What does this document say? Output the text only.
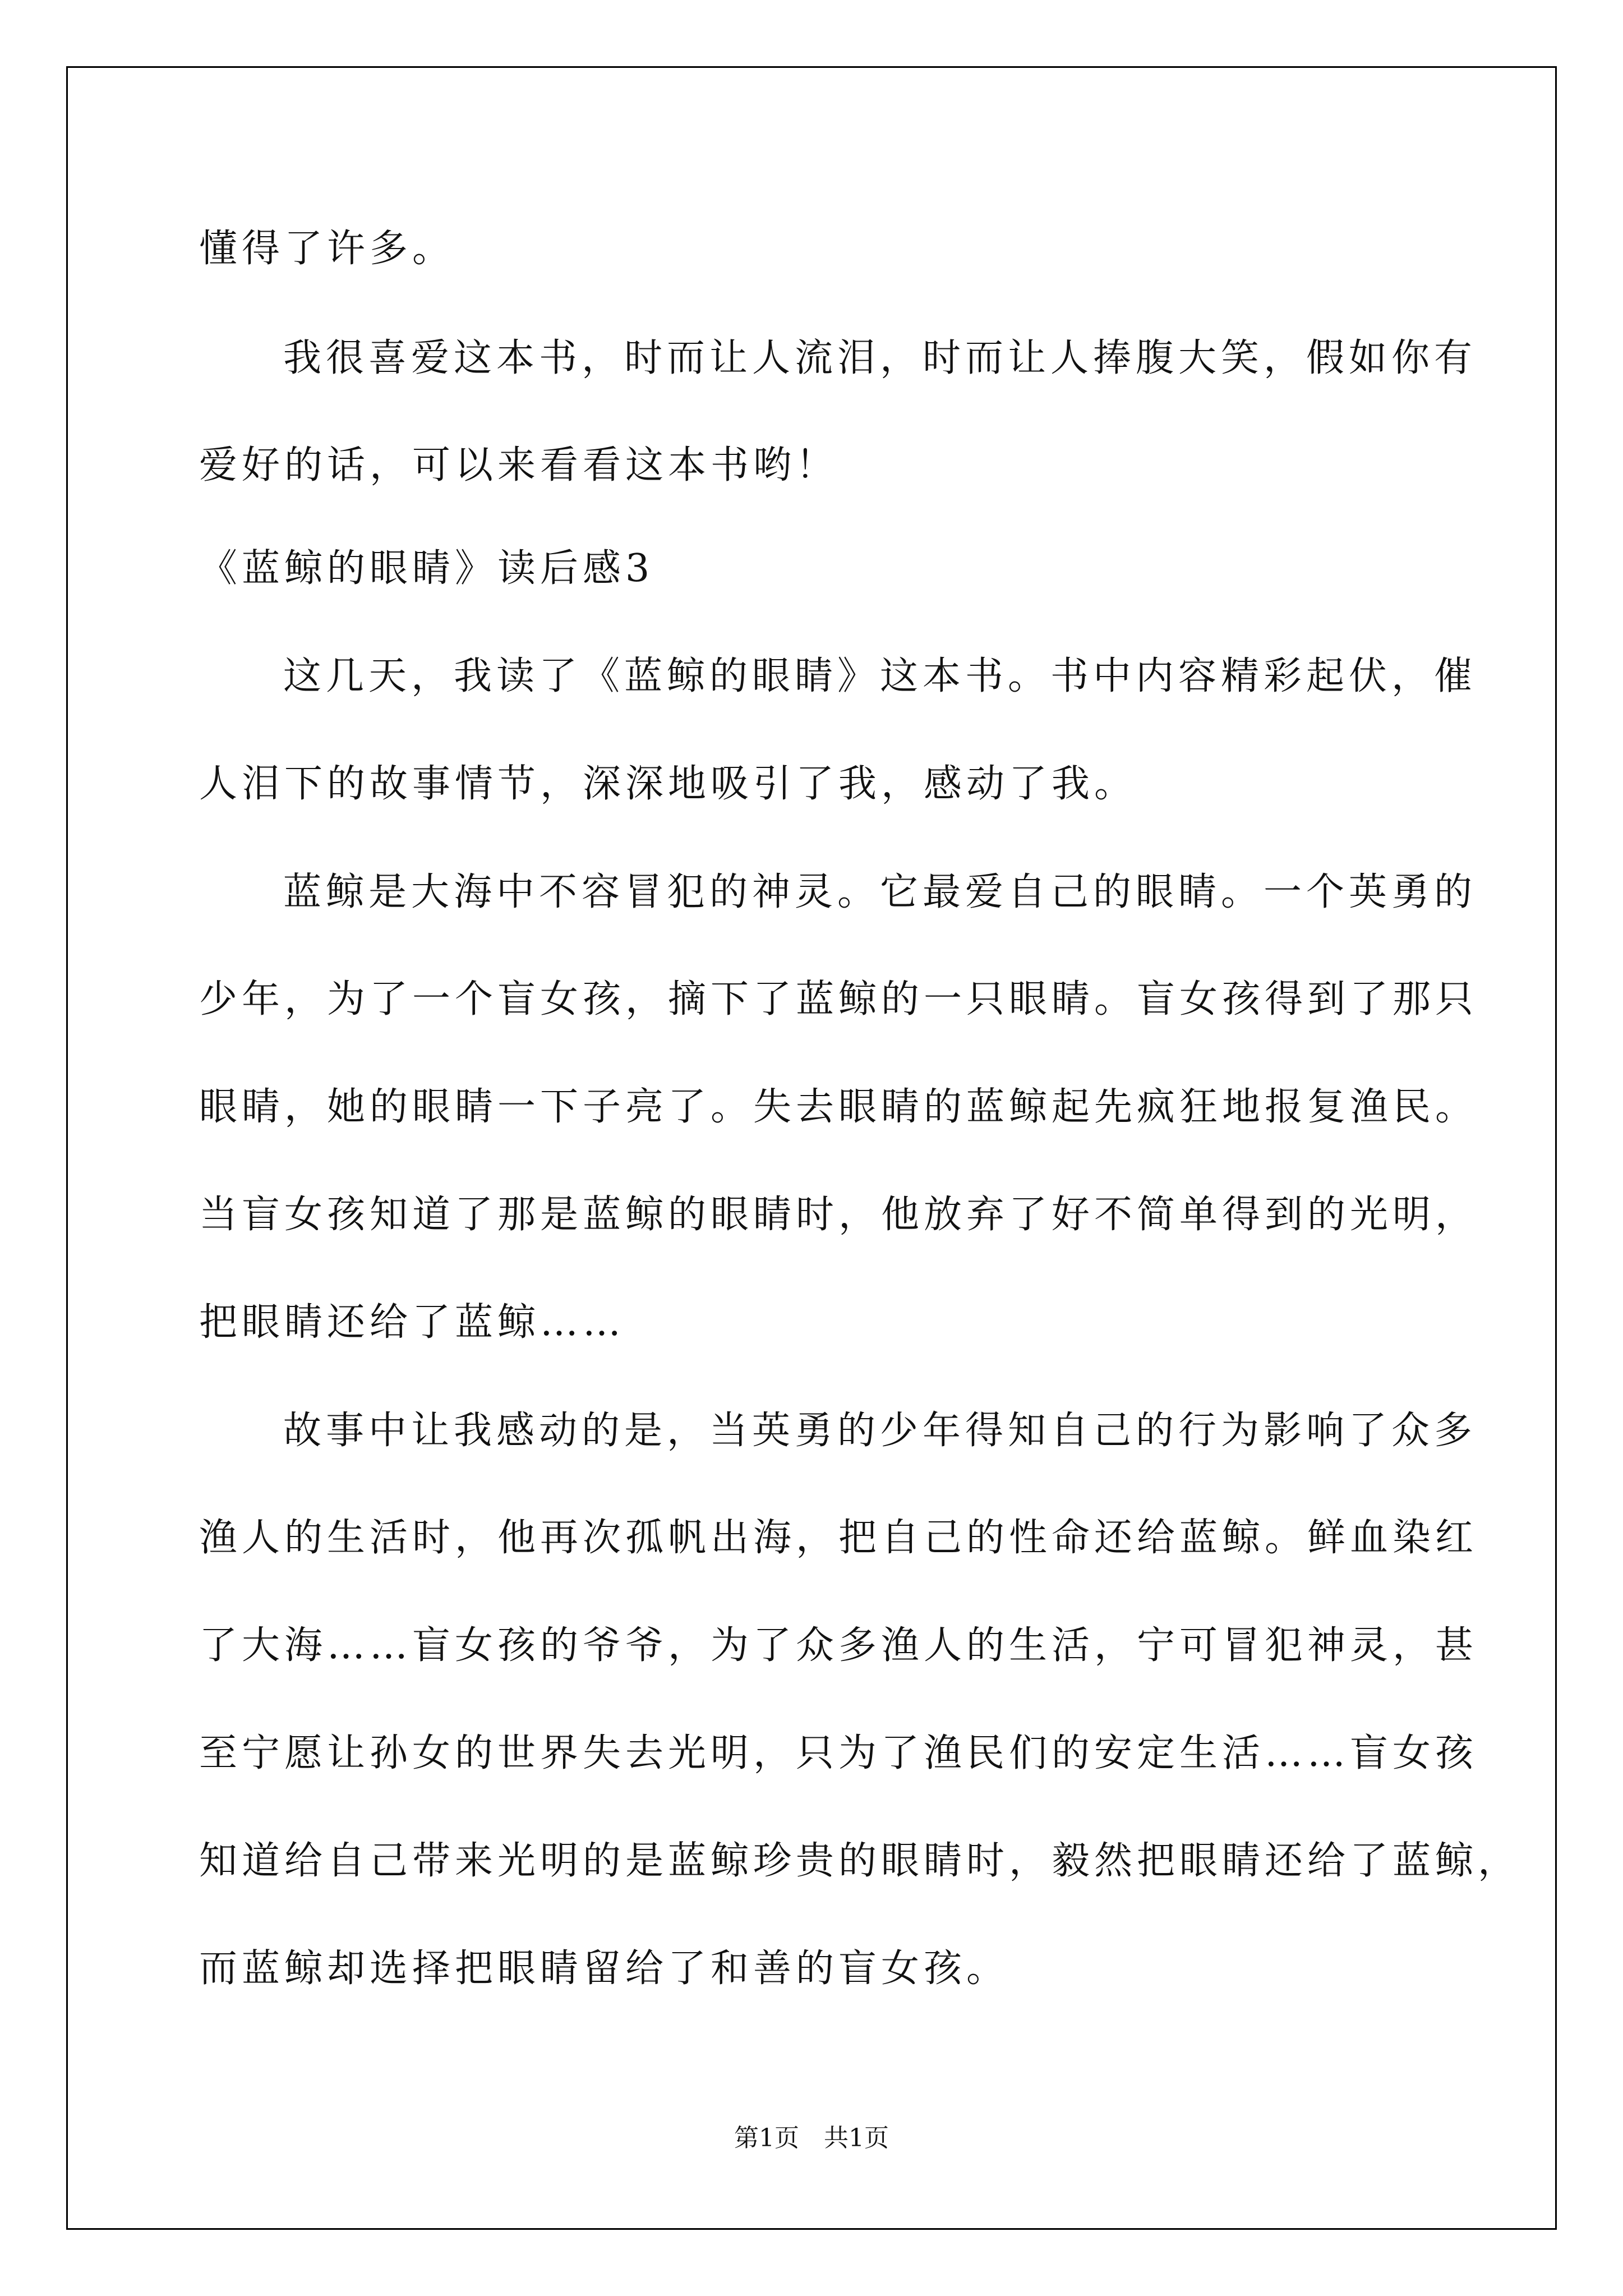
懂得了许多。
我很喜爱这本书，时而让人流泪，时而让人捧腹大笑，假如你有
爱好的话，可以来看看这本书哟！
《蓝鲸的眼睛》读后感3
这几天，我读了《蓝鲸的眼睛》这本书。书中内容精彩起伏，催
人泪下的故事情节，深深地吸引了我，感动了我。
蓝鲸是大海中不容冒犯的神灵。它最爱自己的眼睛。一个英勇的
少年，为了一个盲女孩，摘下了蓝鲸的一只眼睛。盲女孩得到了那只
眼睛，她的眼睛一下子亮了。失去眼睛的蓝鲸起先疯狂地报复渔民。
当盲女孩知道了那是蓝鲸的眼睛时，他放弃了好不简单得到的光明，
把眼睛还给了蓝鲸……
故事中让我感动的是，当英勇的少年得知自己的行为影响了众多
渔人的生活时，他再次孤帆出海，把自己的性命还给蓝鲸。鲜血染红
了大海……盲女孩的爷爷，为了众多渔人的生活，宁可冒犯神灵，甚
至宁愿让孙女的世界失去光明，只为了渔民们的安定生活……盲女孩
知道给自己带来光明的是蓝鲸珍贵的眼睛时，毅然把眼睛还给了蓝鲸，
而蓝鲸却选择把眼睛留给了和善的盲女孩。
第1页　共1页
